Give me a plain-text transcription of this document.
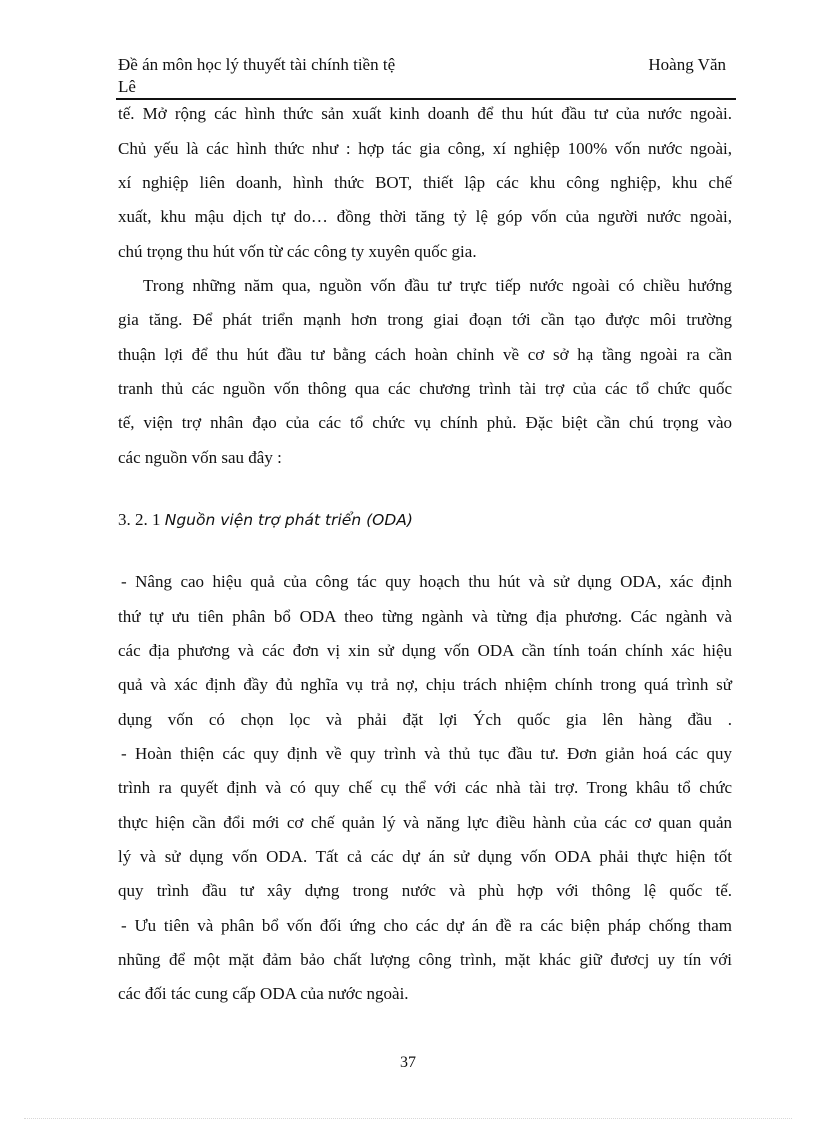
Đề án môn học lý thuyết tài chính tiền tệ	Hoàng Văn
Lê
tế. Mở rộng các hình thức sản xuất kinh doanh để thu hút đầu tư của nước ngoài.
Chủ yếu là các hình thức như : hợp tác gia công, xí nghiệp 100% vốn nước ngoài,
xí nghiệp liên doanh, hình thức BOT, thiết lập các khu công nghiệp, khu chế
xuất, khu mậu dịch tự do… đồng thời tăng tỷ lệ góp vốn của người nước ngoài,
chú trọng thu hút vốn từ các công ty xuyên quốc gia.
Trong những năm qua, nguồn vốn đầu tư trực tiếp nước ngoài có chiều hướng
gia tăng. Để phát triển mạnh hơn trong giai đoạn tới cần tạo được môi trường
thuận lợi để thu hút đầu tư bằng cách hoàn chỉnh về cơ sở hạ tầng ngoài ra cần
tranh thủ các nguồn vốn thông qua các chương trình tài trợ của các tổ chức quốc
tế, viện trợ nhân đạo của các tổ chức vụ chính phủ. Đặc biệt cần chú trọng vào
các nguồn vốn sau đây :
3. 2. 1 Nguồn viện trợ phát triển (ODA)
- Nâng cao hiệu quả của công tác quy hoạch thu hút và sử dụng ODA, xác định
thứ tự ưu tiên phân bổ ODA theo từng ngành và từng địa phương. Các ngành và
các địa phương và các đơn vị xin sử dụng vốn ODA cần tính toán chính xác hiệu
quả và xác định đầy đủ nghĩa vụ trả nợ, chịu trách nhiệm chính trong quá trình sử
dụng vốn có chọn lọc và phải đặt lợi Ých quốc gia lên hàng đầu .
- Hoàn thiện các quy định về quy trình và thủ tục đầu tư. Đơn giản hoá các quy
trình ra quyết định và có quy chế cụ thể với các nhà tài trợ. Trong khâu tổ chức
thực hiện cần đổi mới cơ chế quản lý và năng lực điều hành của các cơ quan quản
lý và sử dụng vốn ODA. Tất cả các dự án sử dụng vốn ODA phải thực hiện tốt
quy trình đầu tư xây dựng trong nước và phù hợp với thông lệ quốc tế.
- Ưu tiên và phân bổ vốn đối ứng cho các dự án đề ra các biện pháp chống tham
nhũng để một mặt đảm bảo chất lượng công trình, mặt khác giữ đươcj uy tín với
các đối tác cung cấp ODA của nước ngoài.
37
